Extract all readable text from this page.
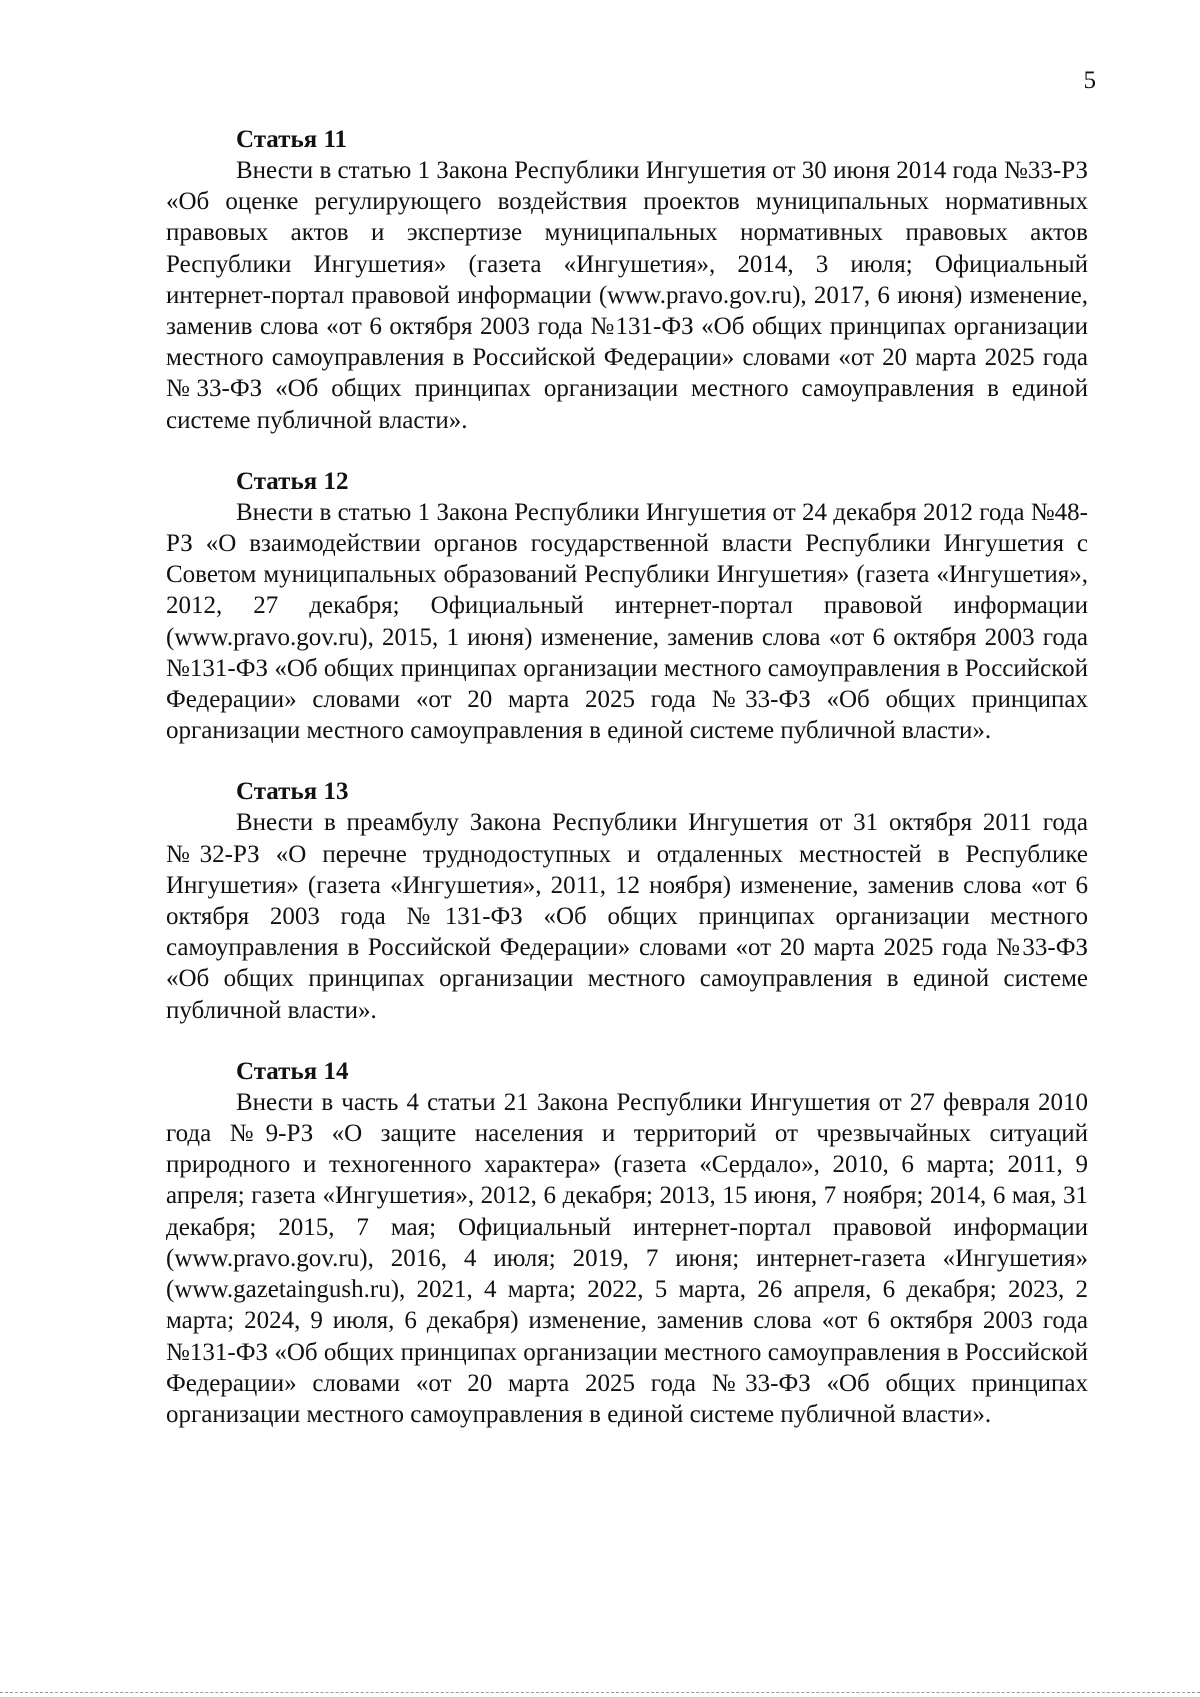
5
Статья 11

Внести в статью 1 Закона Республики Ингушетия от 30 июня 2014 года №33-РЗ «Об оценке регулирующего воздействия проектов муниципальных нормативных правовых актов и экспертизе муниципальных нормативных правовых актов Республики Ингушетия» (газета «Ингушетия», 2014, 3 июля; Официальный интернет-портал правовой информации (www.pravo.gov.ru), 2017, 6 июня) изменение, заменив слова «от 6 октября 2003 года №131-ФЗ «Об общих принципах организации местного самоуправления в Российской Федерации» словами «от 20 марта 2025 года №33-ФЗ «Об общих принципах организации местного самоуправления в единой системе публичной власти».

Статья 12

Внести в статью 1 Закона Республики Ингушетия от 24 декабря 2012 года №48-РЗ «О взаимодействии органов государственной власти Республики Ингушетия с Советом муниципальных образований Республики Ингушетия» (газета «Ингушетия», 2012, 27 декабря; Официальный интернет-портал правовой информации (www.pravo.gov.ru), 2015, 1 июня) изменение, заменив слова «от 6 октября 2003 года №131-ФЗ «Об общих принципах организации местного самоуправления в Российской Федерации» словами «от 20 марта 2025 года №33-ФЗ «Об общих принципах организации местного самоуправления в единой системе публичной власти».

Статья 13

Внести в преамбулу Закона Республики Ингушетия от 31 октября 2011 года №32-РЗ «О перечне труднодоступных и отдаленных местностей в Республике Ингушетия» (газета «Ингушетия», 2011, 12 ноября) изменение, заменив слова «от 6 октября 2003 года №131-ФЗ «Об общих принципах организации местного самоуправления в Российской Федерации» словами «от 20 марта 2025 года №33-ФЗ «Об общих принципах организации местного самоуправления в единой системе публичной власти».

Статья 14

Внести в часть 4 статьи 21 Закона Республики Ингушетия от 27 февраля 2010 года №9-РЗ «О защите населения и территорий от чрезвычайных ситуаций природного и техногенного характера» (газета «Сердало», 2010, 6 марта; 2011, 9 апреля; газета «Ингушетия», 2012, 6 декабря; 2013, 15 июня, 7 ноября; 2014, 6 мая, 31 декабря; 2015, 7 мая; Официальный интернет-портал правовой информации (www.pravo.gov.ru), 2016, 4 июля; 2019, 7 июня; интернет-газета «Ингушетия» (www.gazetaingush.ru), 2021, 4 марта; 2022, 5 марта, 26 апреля, 6 декабря; 2023, 2 марта; 2024, 9 июля, 6 декабря) изменение, заменив слова «от 6 октября 2003 года №131-ФЗ «Об общих принципах организации местного самоуправления в Российской Федерации» словами «от 20 марта 2025 года №33-ФЗ «Об общих принципах организации местного самоуправления в единой системе публичной власти».
